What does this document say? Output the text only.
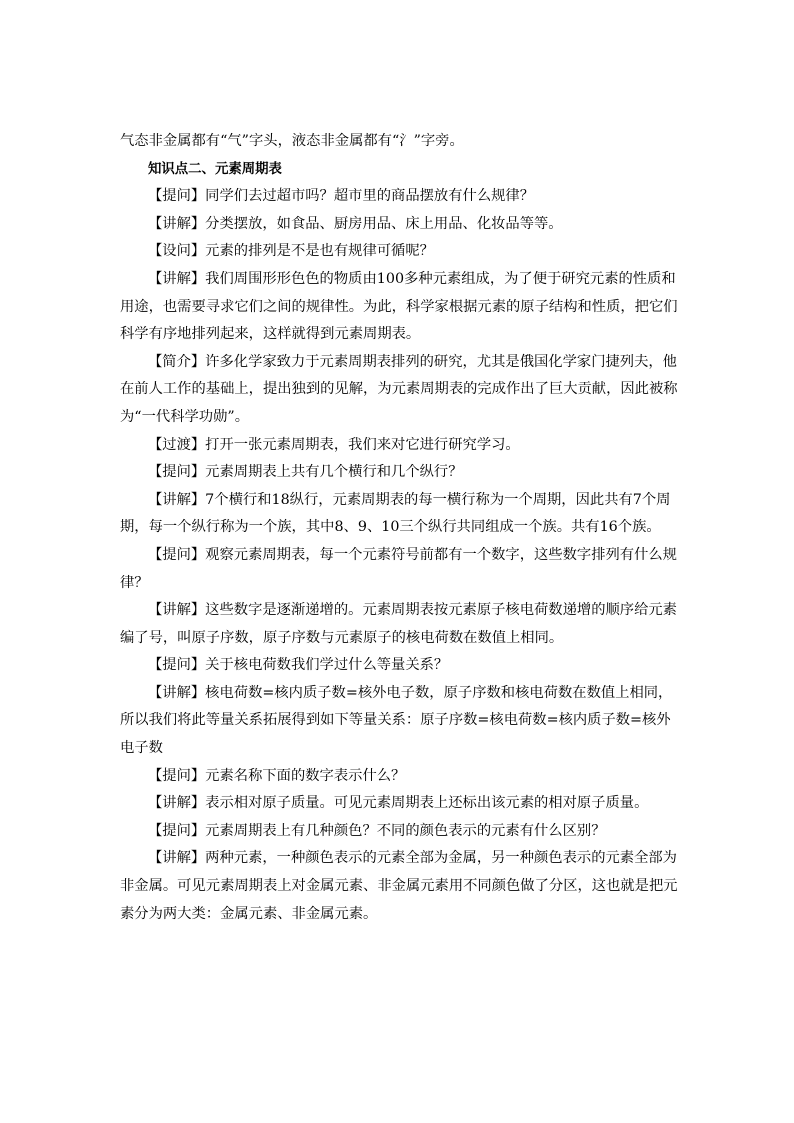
气态非金属都有“气”字头，液态非金属都有“氵”字旁。

知识点二、元素周期表

【提问】同学们去过超市吗？超市里的商品摆放有什么规律？

【讲解】分类摆放，如食品、厨房用品、床上用品、化妆品等等。

【设问】元素的排列是不是也有规律可循呢？

【讲解】我们周围形形色色的物质由100多种元素组成，为了便于研究元素的性质和用途，也需要寻求它们之间的规律性。为此，科学家根据元素的原子结构和性质，把它们科学有序地排列起来，这样就得到元素周期表。

【简介】许多化学家致力于元素周期表排列的研究，尤其是俄国化学家门捷列夫，他在前人工作的基础上，提出独到的见解，为元素周期表的完成作出了巨大贡献，因此被称为“一代科学功勋”。

【过渡】打开一张元素周期表，我们来对它进行研究学习。

【提问】元素周期表上共有几个横行和几个纵行？

【讲解】7个横行和18纵行，元素周期表的每一横行称为一个周期，因此共有7个周期，每一个纵行称为一个族，其中8、9、10三个纵行共同组成一个族。共有16个族。

【提问】观察元素周期表，每一个元素符号前都有一个数字，这些数字排列有什么规律？

【讲解】这些数字是逐渐递增的。元素周期表按元素原子核电荷数递增的顺序给元素编了号，叫原子序数，原子序数与元素原子的核电荷数在数值上相同。

【提问】关于核电荷数我们学过什么等量关系？

【讲解】核电荷数=核内质子数=核外电子数，原子序数和核电荷数在数值上相同，所以我们将此等量关系拓展得到如下等量关系：原子序数=核电荷数=核内质子数=核外电子数

【提问】元素名称下面的数字表示什么？

【讲解】表示相对原子质量。可见元素周期表上还标出该元素的相对原子质量。

【提问】元素周期表上有几种颜色？不同的颜色表示的元素有什么区别？

【讲解】两种元素，一种颜色表示的元素全部为金属，另一种颜色表示的元素全部为非金属。可见元素周期表上对金属元素、非金属元素用不同颜色做了分区，这也就是把元素分为两大类：金属元素、非金属元素。
